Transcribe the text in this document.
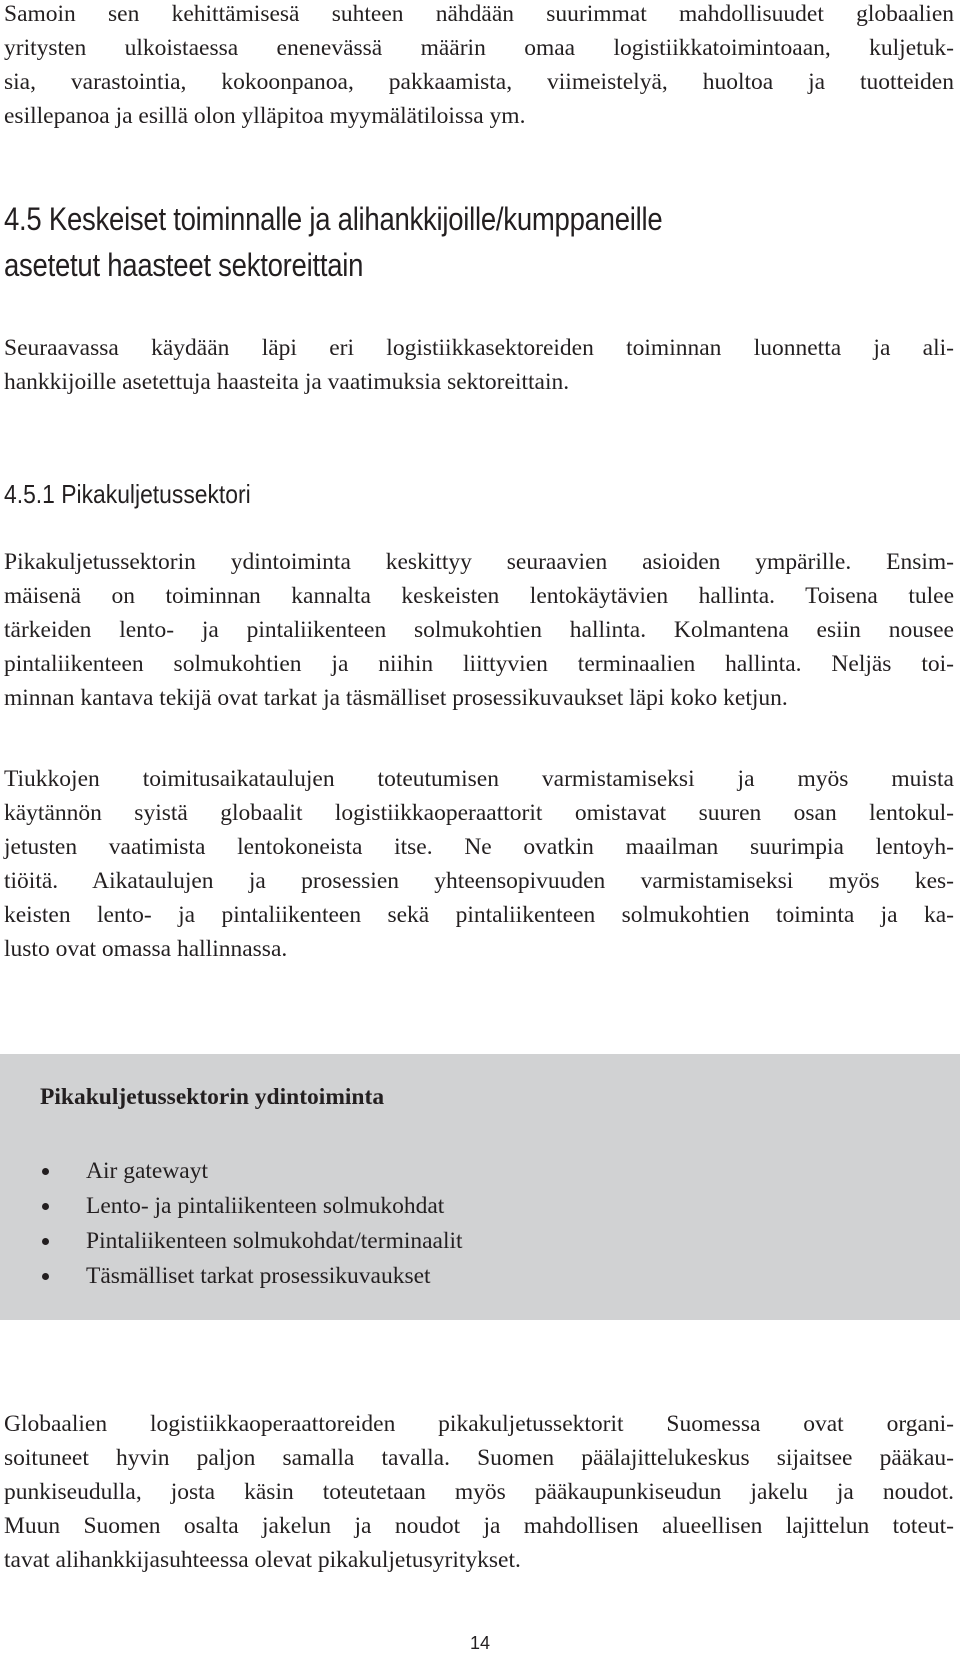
Samoin sen kehittämisesä suhteen nähdään suurimmat mahdollisuudet globaalien
yritysten ulkoistaessa enenevässä määrin omaa logistiikkatoimintoaan, kuljetuk-
sia, varastointia, kokoonpanoa, pakkaamista, viimeistelyä, huoltoa ja tuotteiden
esillepanoa ja esillä olon ylläpitoa myymälätiloissa ym.

4.5 Keskeiset toiminnalle ja alihankkijoille/kumppaneille
asetetut haasteet sektoreittain

Seuraavassa käydään läpi eri logistiikkasektoreiden toiminnan luonnetta ja ali-
hankkijoille asetettuja haasteita ja vaatimuksia sektoreittain.

4.5.1 Pikakuljetussektori

Pikakuljetussektorin ydintoiminta keskittyy seuraavien asioiden ympärille. Ensim-
mäisenä on toiminnan kannalta keskeisten lentokäytävien hallinta. Toisena tulee
tärkeiden lento- ja pintaliikenteen solmukohtien hallinta. Kolmantena esiin nousee
pintaliikenteen solmukohtien ja niihin liittyvien terminaalien hallinta. Neljäs toi-
minnan kantava tekijä ovat tarkat ja täsmälliset prosessikuvaukset läpi koko ketjun.

Tiukkojen toimitusaikataulujen toteutumisen varmistamiseksi ja myös muista
käytännön syistä globaalit logistiikkaoperaattorit omistavat suuren osan lentokul-
jetusten vaatimista lentokoneista itse. Ne ovatkin maailman suurimpia lentoyh-
tiöitä. Aikataulujen ja prosessien yhteensopivuuden varmistamiseksi myös kes-
keisten lento- ja pintaliikenteen sekä pintaliikenteen solmukohtien toiminta ja ka-
lusto ovat omassa hallinnassa.

Pikakuljetussektorin ydintoiminta

Air gatewayt
Lento- ja pintaliikenteen solmukohdat
Pintaliikenteen solmukohdat/terminaalit
Täsmälliset tarkat prosessikuvaukset

Globaalien logistiikkaoperaattoreiden pikakuljetussektorit Suomessa ovat organi-
soituneet hyvin paljon samalla tavalla. Suomen päälajittelukeskus sijaitsee pääkau-
punkiseudulla, josta käsin toteutetaan myös pääkaupunkiseudun jakelu ja noudot.
Muun Suomen osalta jakelun ja noudot ja mahdollisen alueellisen lajittelun toteut-
tavat alihankkijasuhteessa olevat pikakuljetusyritykset.

14
